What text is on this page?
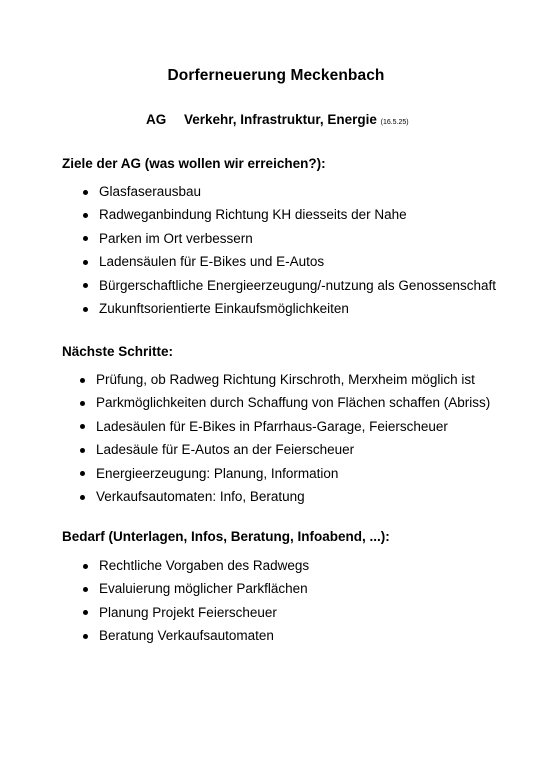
Dorferneuerung Meckenbach
AG Verkehr, Infrastruktur, Energie (16.5.25)

Ziele der AG (was wollen wir erreichen?):

Glasfaserausbau
Radweganbindung Richtung KH diesseits der Nahe
Parken im Ort verbessern
Ladensäulen für E-Bikes und E-Autos
Bürgerschaftliche Energieerzeugung/-nutzung als Genossenschaft
Zukunftsorientierte Einkaufsmöglichkeiten

Nächste Schritte:

Prüfung, ob Radweg Richtung Kirschroth, Merxheim möglich ist
Parkmöglichkeiten durch Schaffung von Flächen schaffen (Abriss)
Ladesäulen für E-Bikes in Pfarrhaus-Garage, Feierscheuer
Ladesäule für E-Autos an der Feierscheuer
Energieerzeugung: Planung, Information
Verkaufsautomaten: Info, Beratung

Bedarf (Unterlagen, Infos, Beratung, Infoabend, ...):

Rechtliche Vorgaben des Radwegs
Evaluierung möglicher Parkflächen
Planung Projekt Feierscheuer
Beratung Verkaufsautomaten
